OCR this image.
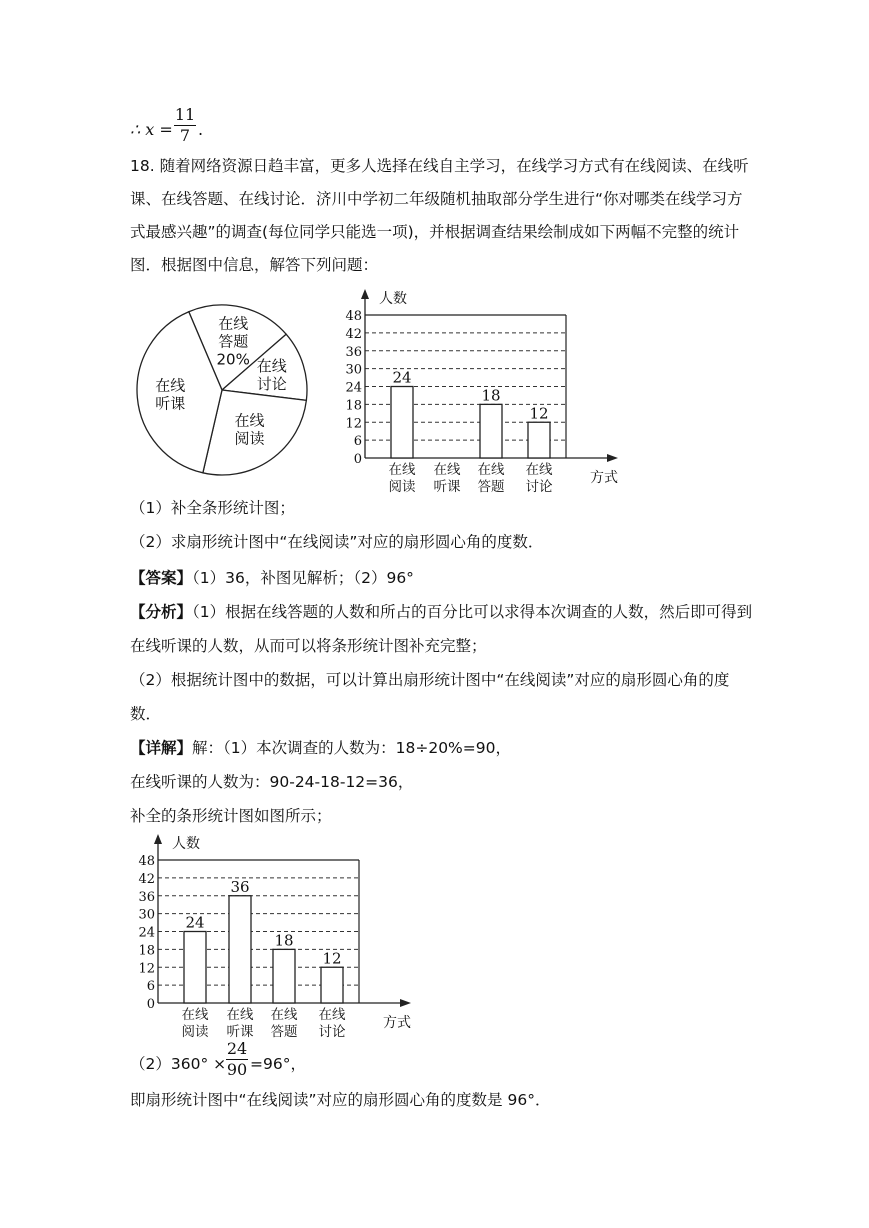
∴ x =
11
7 .
18. 随着网络资源日趋丰富，更多人选择在线自主学习，在线学习方式有在线阅读、在线听
课、在线答题、在线讨论．济川中学初二年级随机抽取部分学生进行“你对哪类在线学习方
式最感兴趣”的调查(每位同学只能选一项)，并根据调查结果绘制成如下两幅不完整的统计
图．根据图中信息，解答下列问题：
在线
答题
20% 在线
讨论
在线
阅读
在线
听课
0
6
12
18
24
30
36
42
48
人数
方式
24
在线
阅读
在线
听课
18
在线
答题
12
在线
讨论
（1）补全条形统计图；
（2）求扇形统计图中“在线阅读”对应的扇形圆心角的度数．
【答案】（1）36，补图见解析；（2）96°
【分析】（1）根据在线答题的人数和所占的百分比可以求得本次调查的人数，然后即可得到
在线听课的人数，从而可以将条形统计图补充完整；
（2）根据统计图中的数据，可以计算出扇形统计图中“在线阅读”对应的扇形圆心角的度
数．
【详解】解：（1）本次调查的人数为：18÷20%=90，
在线听课的人数为：90-24-18-12=36，
补全的条形统计图如图所示；
0
6
12
18
24
30
36
42
48
人数
方式
24
在线
阅读
36
在线
听课
18
在线
答题
12
在线
讨论
（2）360° ×
24
90 =96°，
即扇形统计图中“在线阅读”对应的扇形圆心角的度数是 96°．
